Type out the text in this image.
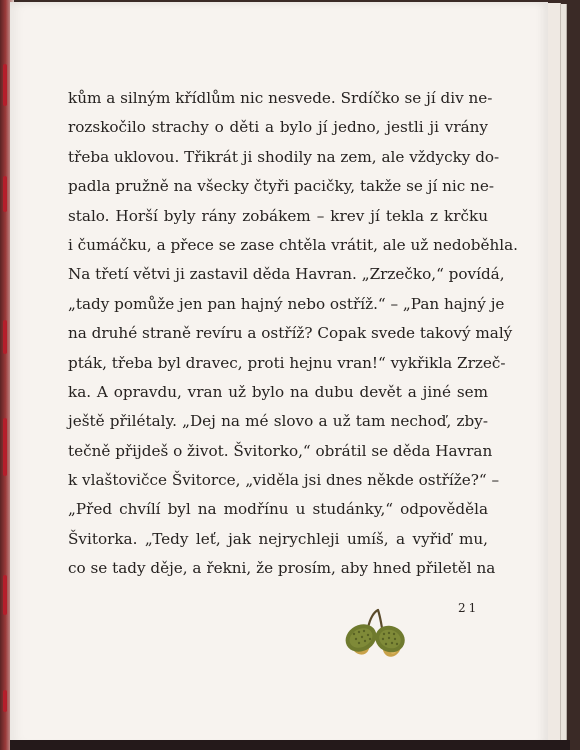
kům a silným křídlům nic nesvede. Srdíčko se jí div ne-
rozskočilo strachy o děti a bylo jí jedno, jestli ji vrány
třeba uklovou. Třikrát ji shodily na zem, ale vždycky do-
padla pružně na všecky čtyři pacičky, takže se jí nic ne-
stalo. Horší byly rány zobákem – krev jí tekla z krčku
i čumáčku, a přece se zase chtěla vrátit, ale už nedoběhla.
Na třetí větvi ji zastavil děda Havran. „Zrzečko,“ povídá,
„tady pomůže jen pan hajný nebo ostříž.“ – „Pan hajný je
na druhé straně revíru a ostříž? Copak svede takový malý
pták, třeba byl dravec, proti hejnu vran!“ vykřikla Zrzeč-
ka. A opravdu, vran už bylo na dubu devět a jiné sem
ještě přilétaly. „Dej na mé slovo a už tam nechoď, zby-
tečně přijdeš o život. Švitorko,“ obrátil se děda Havran
k vlaštovičce Švitorce, „viděla jsi dnes někde ostříže?“ –
„Před chvílí byl na modřínu u studánky,“ odpověděla
Švitorka. „Tedy leť, jak nejrychleji umíš, a vyřiď mu,
co se tady děje, a řekni, že prosím, aby hned přiletěl na
21
